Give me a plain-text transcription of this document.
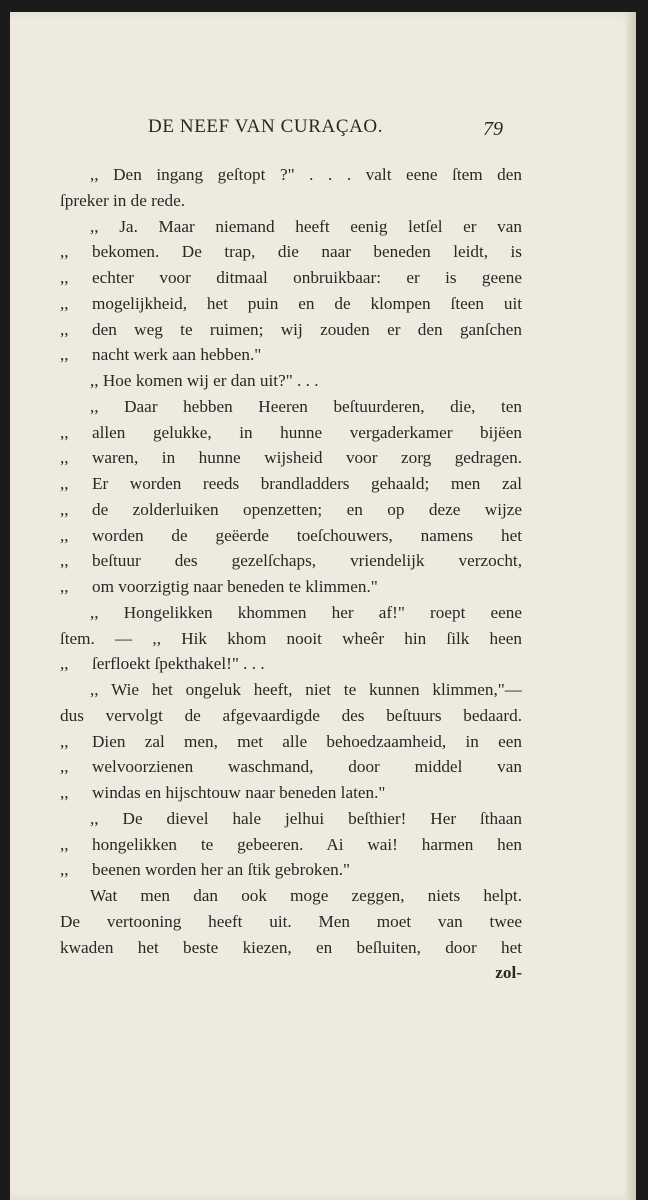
DE NEEF VAN CURAÇAO.	79
,, Den ingang geſtopt ?" . . . valt eene ſtem den
ſpreker in de rede.
,, Ja. Maar niemand heeft eenig letſel er van
,, bekomen. De trap, die naar beneden leidt, is
,, echter voor ditmaal onbruikbaar: er is geene
,, mogelijkheid, het puin en de klompen ſteen uit
,, den weg te ruimen; wij zouden er den ganſchen
,, nacht werk aan hebben."
,, Hoe komen wij er dan uit?" . . .
,, Daar hebben Heeren beſtuurderen, die, ten
,, allen gelukke, in hunne vergaderkamer bijëen
,, waren, in hunne wijsheid voor zorg gedragen.
,, Er worden reeds brandladders gehaald; men zal
,, de zolderluiken openzetten; en op deze wijze
,, worden de geëerde toeſchouwers, namens het
,, beſtuur des gezelſchaps, vriendelijk verzocht,
,, om voorzigtig naar beneden te klimmen."
,, Hongelikken khommen her af!" roept eene
ſtem. — ,, Hik khom nooit wheêr hin ſilk heen
,, ſerfloekt ſpekthakel!" . . .
,, Wie het ongeluk heeft, niet te kunnen klimmen,"—
dus vervolgt de afgevaardigde des beſtuurs bedaard.
,, Dien zal men, met alle behoedzaamheid, in een
,, welvoorzienen waschmand, door middel van
,, windas en hijschtouw naar beneden laten."
,, De dievel hale jelhui beſthier! Her ſthaan
,, hongelikken te gebeeren. Ai wai! harmen hen
,, beenen worden her an ſtik gebroken."
Wat men dan ook moge zeggen, niets helpt.
De vertooning heeft uit. Men moet van twee
kwaden het beste kiezen, en beſluiten, door het
zol-
